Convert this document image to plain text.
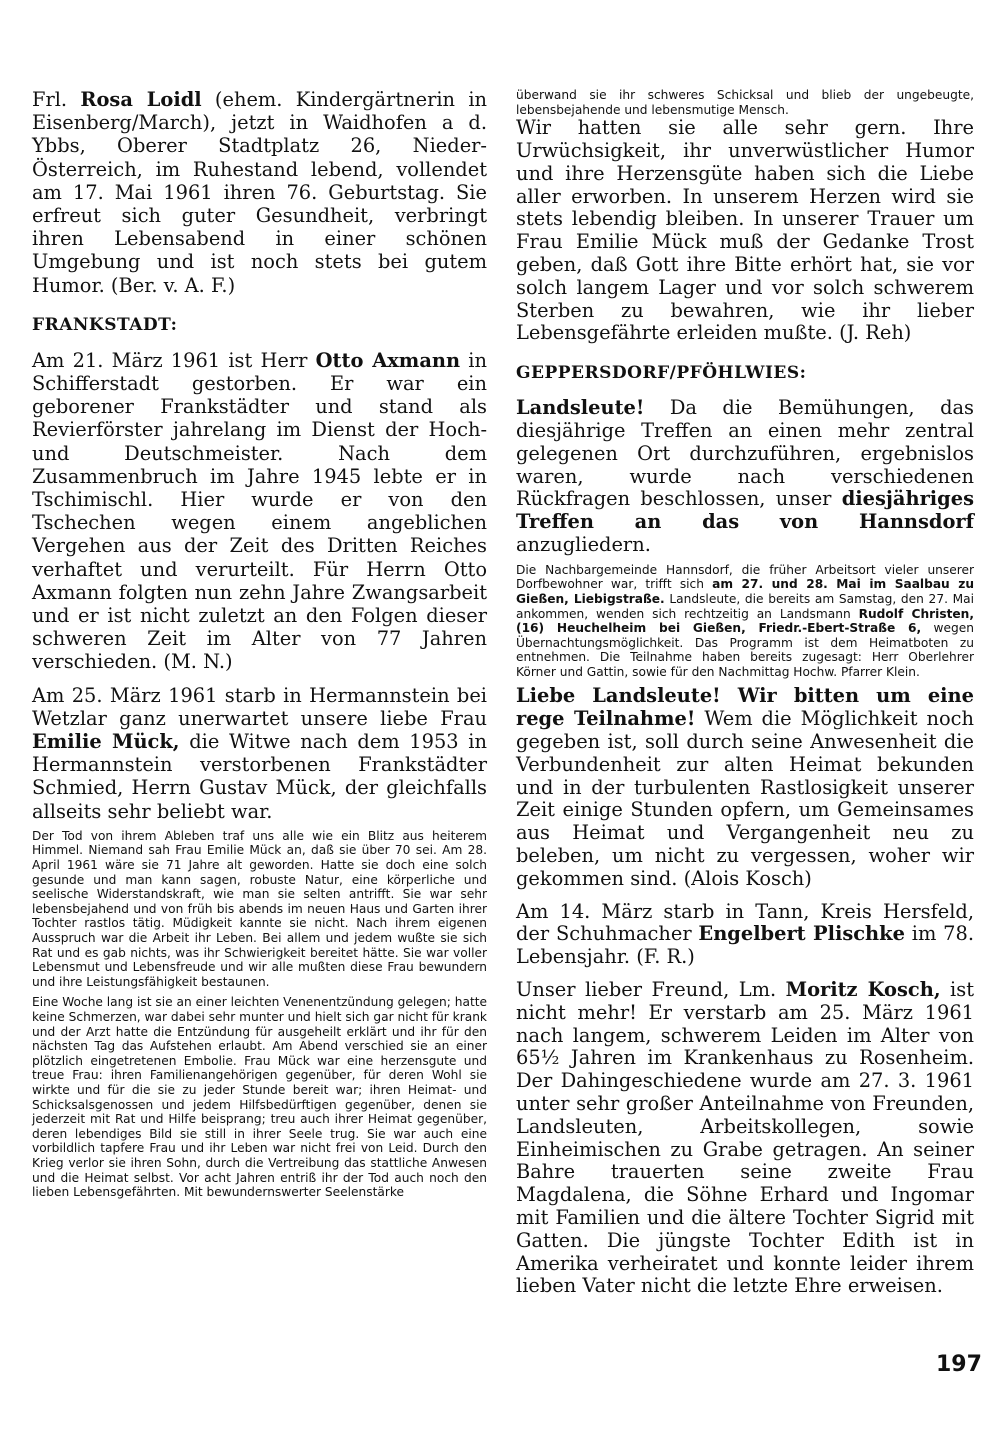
Frl. Rosa Loidl (ehem. Kindergärtnerin in Eisenberg/March), jetzt in Waidhofen a d. Ybbs, Oberer Stadtplatz 26, Nieder-Österreich, im Ruhestand lebend, vollendet am 17. Mai 1961 ihren 76. Geburtstag. Sie erfreut sich guter Gesundheit, verbringt ihren Lebensabend in einer schönen Umgebung und ist noch stets bei gutem Humor. (Ber. v. A. F.)

FRANKSTADT:

Am 21. März 1961 ist Herr Otto Axmann in Schifferstadt gestorben. Er war ein geborener Frankstädter und stand als Revierförster jahrelang im Dienst der Hoch- und Deutschmeister. Nach dem Zusammenbruch im Jahre 1945 lebte er in Tschimischl. Hier wurde er von den Tschechen wegen einem angeblichen Vergehen aus der Zeit des Dritten Reiches verhaftet und verurteilt. Für Herrn Otto Axmann folgten nun zehn Jahre Zwangsarbeit und er ist nicht zuletzt an den Folgen dieser schweren Zeit im Alter von 77 Jahren verschieden. (M. N.)

Am 25. März 1961 starb in Hermannstein bei Wetzlar ganz unerwartet unsere liebe Frau Emilie Mück, die Witwe nach dem 1953 in Hermannstein verstorbenen Frankstädter Schmied, Herrn Gustav Mück, der gleichfalls allseits sehr beliebt war.

Der Tod von ihrem Ableben traf uns alle wie ein Blitz aus heiterem Himmel. Niemand sah Frau Emilie Mück an, daß sie über 70 sei. Am 28. April 1961 wäre sie 71 Jahre alt geworden. Hatte sie doch eine solch gesunde und man kann sagen, robuste Natur, eine körperliche und seelische Widerstandskraft, wie man sie selten antrifft. Sie war sehr lebensbejahend und von früh bis abends im neuen Haus und Garten ihrer Tochter rastlos tätig. Müdigkeit kannte sie nicht. Nach ihrem eigenen Ausspruch war die Arbeit ihr Leben. Bei allem und jedem wußte sie sich Rat und es gab nichts, was ihr Schwierigkeit bereitet hätte. Sie war voller Lebensmut und Lebensfreude und wir alle mußten diese Frau bewundern und ihre Leistungsfähigkeit bestaunen.

Eine Woche lang ist sie an einer leichten Venenentzündung gelegen; hatte keine Schmerzen, war dabei sehr munter und hielt sich gar nicht für krank und der Arzt hatte die Entzündung für ausgeheilt erklärt und ihr für den nächsten Tag das Aufstehen erlaubt. Am Abend verschied sie an einer plötzlich eingetretenen Embolie. Frau Mück war eine herzensgute und treue Frau: ihren Familienangehörigen gegenüber, für deren Wohl sie wirkte und für die sie zu jeder Stunde bereit war; ihren Heimat- und Schicksalsgenossen und jedem Hilfsbedürftigen gegenüber, denen sie jederzeit mit Rat und Hilfe beisprang; treu auch ihrer Heimat gegenüber, deren lebendiges Bild sie still in ihrer Seele trug. Sie war auch eine vorbildlich tapfere Frau und ihr Leben war nicht frei von Leid. Durch den Krieg verlor sie ihren Sohn, durch die Vertreibung das stattliche Anwesen und die Heimat selbst. Vor acht Jahren entriß ihr der Tod auch noch den lieben Lebensgefährten. Mit bewundernswerter Seelenstärke

überwand sie ihr schweres Schicksal und blieb der ungebeugte, lebensbejahende und lebensmutige Mensch.

Wir hatten sie alle sehr gern. Ihre Urwüchsigkeit, ihr unverwüstlicher Humor und ihre Herzensgüte haben sich die Liebe aller erworben. In unserem Herzen wird sie stets lebendig bleiben. In unserer Trauer um Frau Emilie Mück muß der Gedanke Trost geben, daß Gott ihre Bitte erhört hat, sie vor solch langem Lager und vor solch schwerem Sterben zu bewahren, wie ihr lieber Lebensgefährte erleiden mußte. (J. Reh)

GEPPERSDORF/PFÖHLWIES:

Landsleute! Da die Bemühungen, das diesjährige Treffen an einen mehr zentral gelegenen Ort durchzuführen, ergebnislos waren, wurde nach verschiedenen Rückfragen beschlossen, unser diesjähriges Treffen an das von Hannsdorf anzugliedern.

Die Nachbargemeinde Hannsdorf, die früher Arbeitsort vieler unserer Dorfbewohner war, trifft sich am 27. und 28. Mai im Saalbau zu Gießen, Liebigstraße. Landsleute, die bereits am Samstag, den 27. Mai ankommen, wenden sich rechtzeitig an Landsmann Rudolf Christen, (16) Heuchelheim bei Gießen, Friedr.-Ebert-Straße 6, wegen Übernachtungsmöglichkeit. Das Programm ist dem Heimatboten zu entnehmen. Die Teilnahme haben bereits zugesagt: Herr Oberlehrer Körner und Gattin, sowie für den Nachmittag Hochw. Pfarrer Klein.

Liebe Landsleute! Wir bitten um eine rege Teilnahme! Wem die Möglichkeit noch gegeben ist, soll durch seine Anwesenheit die Verbundenheit zur alten Heimat bekunden und in der turbulenten Rastlosigkeit unserer Zeit einige Stunden opfern, um Gemeinsames aus Heimat und Vergangenheit neu zu beleben, um nicht zu vergessen, woher wir gekommen sind. (Alois Kosch)

Am 14. März starb in Tann, Kreis Hersfeld, der Schuhmacher Engelbert Plischke im 78. Lebensjahr. (F. R.)

Unser lieber Freund, Lm. Moritz Kosch, ist nicht mehr! Er verstarb am 25. März 1961 nach langem, schwerem Leiden im Alter von 65½ Jahren im Krankenhaus zu Rosenheim. Der Dahingeschiedene wurde am 27. 3. 1961 unter sehr großer Anteilnahme von Freunden, Landsleuten, Arbeitskollegen, sowie Einheimischen zu Grabe getragen. An seiner Bahre trauerten seine zweite Frau Magdalena, die Söhne Erhard und Ingomar mit Familien und die ältere Tochter Sigrid mit Gatten. Die jüngste Tochter Edith ist in Amerika verheiratet und konnte leider ihrem lieben Vater nicht die letzte Ehre erweisen.

197
